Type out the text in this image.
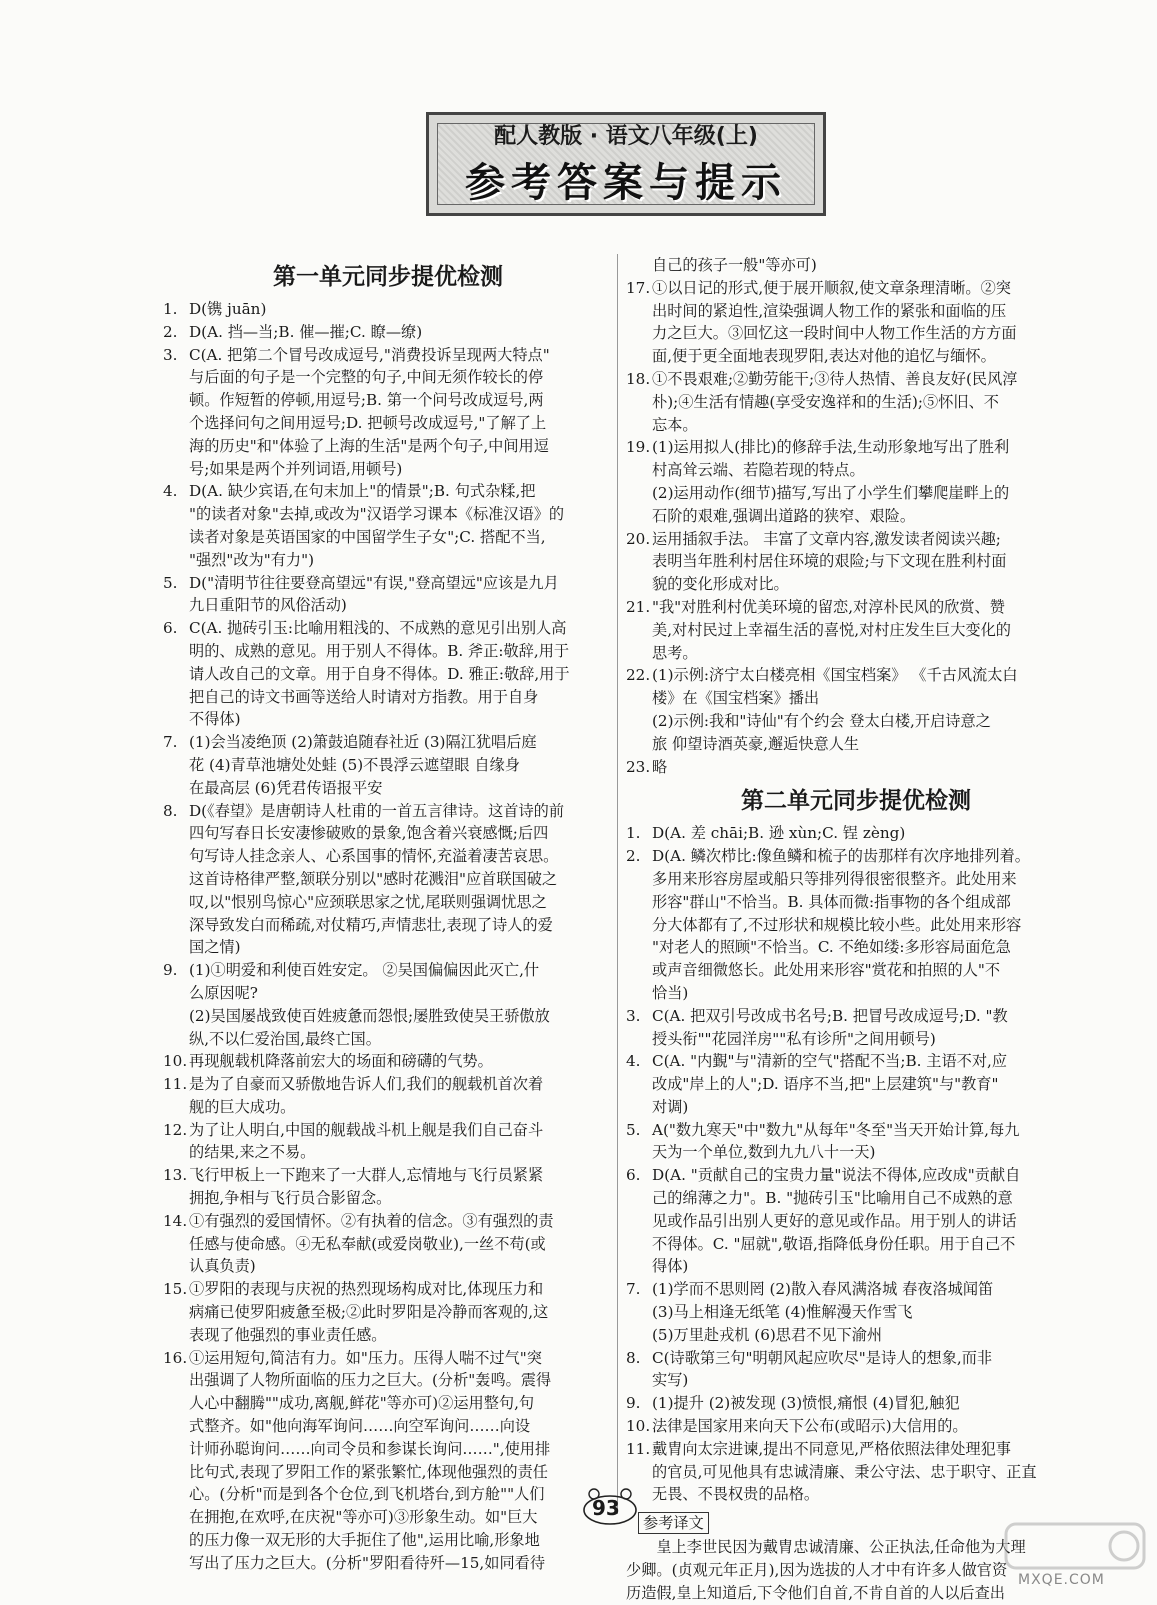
配人教版 · 语文八年级(上)
参考答案与提示
第一单元同步提优检测
1. D(镌 juān)
2. D(A. 挡—当;B. 催—摧;C. 瞭—缭)
3. C(A. 把第二个冒号改成逗号,"消费投诉呈现两大特点"
与后面的句子是一个完整的句子,中间无须作较长的停
顿。作短暂的停顿,用逗号;B. 第一个问号改成逗号,两
个选择问句之间用逗号;D. 把顿号改成逗号,"了解了上
海的历史"和"体验了上海的生活"是两个句子,中间用逗
号;如果是两个并列词语,用顿号)
4. D(A. 缺少宾语,在句末加上"的情景";B. 句式杂糅,把
"的读者对象"去掉,或改为"汉语学习课本《标准汉语》的
读者对象是英语国家的中国留学生子女";C. 搭配不当,
"强烈"改为"有力")
5. D("清明节往往要登高望远"有误,"登高望远"应该是九月
九日重阳节的风俗活动)
6. C(A. 抛砖引玉:比喻用粗浅的、不成熟的意见引出别人高
明的、成熟的意见。用于别人不得体。B. 斧正:敬辞,用于
请人改自己的文章。用于自身不得体。D. 雅正:敬辞,用于
把自己的诗文书画等送给人时请对方指教。用于自身
不得体)
7. (1)会当凌绝顶 (2)箫鼓追随春社近 (3)隔江犹唱后庭
花 (4)青草池塘处处蛙 (5)不畏浮云遮望眼 自缘身
在最高层 (6)凭君传语报平安
8. D(《春望》是唐朝诗人杜甫的一首五言律诗。这首诗的前
四句写春日长安凄惨破败的景象,饱含着兴衰感慨;后四
句写诗人挂念亲人、心系国事的情怀,充溢着凄苦哀思。
这首诗格律严整,颔联分别以"感时花溅泪"应首联国破之
叹,以"恨别鸟惊心"应颈联思家之忧,尾联则强调忧思之
深导致发白而稀疏,对仗精巧,声情悲壮,表现了诗人的爱
国之情)
9. (1)①明爱和利使百姓安定。 ②吴国偏偏因此灭亡,什
么原因呢?
(2)吴国屡战致使百姓疲惫而怨恨;屡胜致使吴王骄傲放
纵,不以仁爱治国,最终亡国。
10. 再现舰载机降落前宏大的场面和磅礴的气势。
11. 是为了自豪而又骄傲地告诉人们,我们的舰载机首次着
舰的巨大成功。
12. 为了让人明白,中国的舰载战斗机上舰是我们自己奋斗
的结果,来之不易。
13. 飞行甲板上一下跑来了一大群人,忘情地与飞行员紧紧
拥抱,争相与飞行员合影留念。
14. ①有强烈的爱国情怀。②有执着的信念。③有强烈的责
任感与使命感。④无私奉献(或爱岗敬业),一丝不苟(或
认真负责)
15. ①罗阳的表现与庆祝的热烈现场构成对比,体现压力和
病痛已使罗阳疲惫至极;②此时罗阳是冷静而客观的,这
表现了他强烈的事业责任感。
16. ①运用短句,简洁有力。如"压力。压得人喘不过气"突
出强调了人物所面临的压力之巨大。(分析"轰鸣。震得
人心中翻腾""成功,离舰,鲜花"等亦可)②运用整句,句
式整齐。如"他向海军询问……向空军询问……向设
计师孙聪询问……向司令员和参谋长询问……",使用排
比句式,表现了罗阳工作的紧张繁忙,体现他强烈的责任
心。(分析"而是到各个仓位,到飞机塔台,到方舱""人们
在拥抱,在欢呼,在庆祝"等亦可)③形象生动。如"巨大
的压力像一双无形的大手扼住了他",运用比喻,形象地
写出了压力之巨大。(分析"罗阳看待歼—15,如同看待
自己的孩子一般"等亦可)
17. ①以日记的形式,便于展开顺叙,使文章条理清晰。②突
出时间的紧迫性,渲染强调人物工作的紧张和面临的压
力之巨大。③回忆这一段时间中人物工作生活的方方面
面,便于更全面地表现罗阳,表达对他的追忆与缅怀。
18. ①不畏艰难;②勤劳能干;③待人热情、善良友好(民风淳
朴);④生活有情趣(享受安逸祥和的生活);⑤怀旧、不
忘本。
19. (1)运用拟人(排比)的修辞手法,生动形象地写出了胜利
村高耸云端、若隐若现的特点。
(2)运用动作(细节)描写,写出了小学生们攀爬崖畔上的
石阶的艰难,强调出道路的狭窄、艰险。
20. 运用插叙手法。 丰富了文章内容,激发读者阅读兴趣;
表明当年胜利村居住环境的艰险;与下文现在胜利村面
貌的变化形成对比。
21. "我"对胜利村优美环境的留恋,对淳朴民风的欣赏、赞
美,对村民过上幸福生活的喜悦,对村庄发生巨大变化的
思考。
22. (1)示例:济宁太白楼亮相《国宝档案》 《千古风流太白
楼》在《国宝档案》播出
(2)示例:我和"诗仙"有个约会 登太白楼,开启诗意之
旅 仰望诗酒英豪,邂逅快意人生
23. 略
第二单元同步提优检测
1. D(A. 差 chāi;B. 逊 xùn;C. 锃 zèng)
2. D(A. 鳞次栉比:像鱼鳞和梳子的齿那样有次序地排列着。
多用来形容房屋或船只等排列得很密很整齐。此处用来
形容"群山"不恰当。B. 具体而微:指事物的各个组成部
分大体都有了,不过形状和规模比较小些。此处用来形容
"对老人的照顾"不恰当。C. 不绝如缕:多形容局面危急
或声音细微悠长。此处用来形容"赏花和拍照的人"不
恰当)
3. C(A. 把双引号改成书名号;B. 把冒号改成逗号;D. "教
授头衔""花园洋房""私有诊所"之间用顿号)
4. C(A. "内覲"与"清新的空气"搭配不当;B. 主语不对,应
改成"岸上的人";D. 语序不当,把"上层建筑"与"教育"
对调)
5. A("数九寒天"中"数九"从每年"冬至"当天开始计算,每九
天为一个单位,数到九九八十一天)
6. D(A. "贡献自己的宝贵力量"说法不得体,应改成"贡献自
己的绵薄之力"。B. "抛砖引玉"比喻用自己不成熟的意
见或作品引出别人更好的意见或作品。用于别人的讲话
不得体。C. "屈就",敬语,指降低身份任职。用于自己不
得体)
7. (1)学而不思则罔 (2)散入春风满洛城 春夜洛城闻笛
(3)马上相逢无纸笔 (4)惟解漫天作雪飞
(5)万里赴戎机 (6)思君不见下渝州
8. C(诗歌第三句"明朝风起应吹尽"是诗人的想象,而非
实写)
9. (1)提升 (2)被发现 (3)愤恨,痛恨 (4)冒犯,触犯
10. 法律是国家用来向天下公布(或昭示)大信用的。
11. 戴胄向太宗进谏,提出不同意见,严格依照法律处理犯事
的官员,可见他具有忠诚清廉、秉公守法、忠于职守、正直
无畏、不畏权贵的品格。
参考译文
皇上李世民因为戴胄忠诚清廉、公正执法,任命他为大理
少卿。(贞观元年正月),因为选拔的人才中有许多人做官资
历造假,皇上知道后,下令他们自首,不肯自首的人以后查出
93
MXQE.COM
